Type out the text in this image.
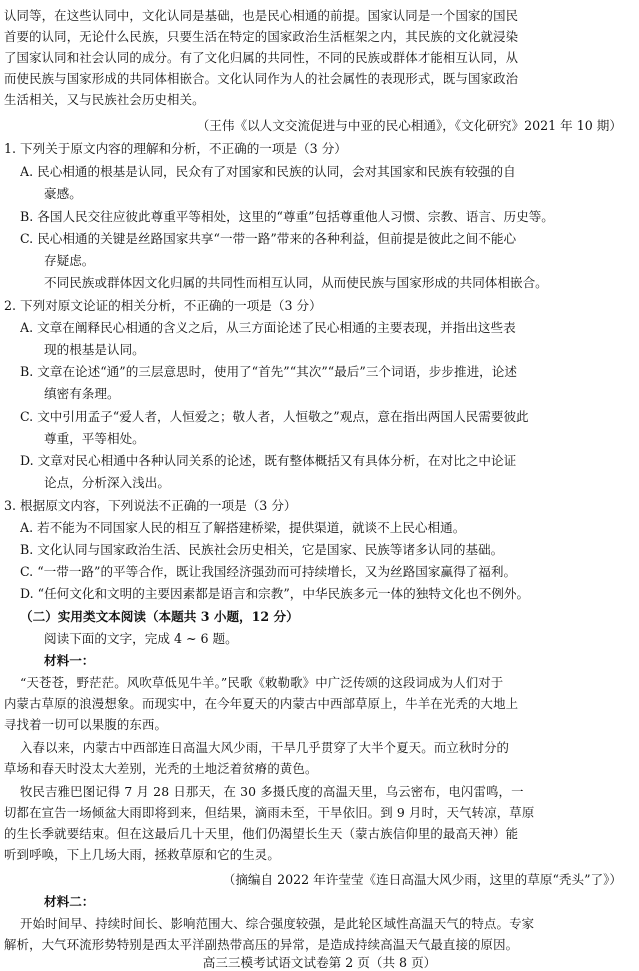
认同等，在这些认同中，文化认同是基础，也是民心相通的前提。国家认同是一个国家的国民
首要的认同，无论什么民族，只要生活在特定的国家政治生活框架之内，其民族的文化就浸染
了国家认同和社会认同的成分。有了文化归属的共同性，不同的民族或群体才能相互认同，从
而使民族与国家形成的共同体相嵌合。文化认同作为人的社会属性的表现形式，既与国家政治
生活相关，又与民族社会历史相关。
（王伟《以人文交流促进与中亚的民心相通》，《文化研究》2021 年 10 期）
1. 下列关于原文内容的理解和分析，不正确的一项是（3 分）
A. 民心相通的根基是认同，民众有了对国家和民族的认同，会对其国家和民族有较强的自
豪感。
B. 各国人民交往应彼此尊重平等相处，这里的“尊重”包括尊重他人习惯、宗教、语言、历史等。
C. 民心相通的关键是丝路国家共享“一带一路”带来的各种利益，但前提是彼此之间不能心
存疑虑。
不同民族或群体因文化归属的共同性而相互认同，从而使民族与国家形成的共同体相嵌合。
2. 下列对原文论证的相关分析，不正确的一项是（3 分）
A. 文章在阐释民心相通的含义之后，从三方面论述了民心相通的主要表现，并指出这些表
现的根基是认同。
B. 文章在论述“通”的三层意思时，使用了“首先”“其次”“最后”三个词语，步步推进，论述
缜密有条理。
C. 文中引用孟子“爱人者，人恒爱之；敬人者，人恒敬之”观点，意在指出两国人民需要彼此
尊重，平等相处。
D. 文章对民心相通中各种认同关系的论述，既有整体概括又有具体分析，在对比之中论证
论点，分析深入浅出。
3. 根据原文内容，下列说法不正确的一项是（3 分）
A. 若不能为不同国家人民的相互了解搭建桥梁，提供渠道，就谈不上民心相通。
B. 文化认同与国家政治生活、民族社会历史相关，它是国家、民族等诸多认同的基础。
C. “一带一路”的平等合作，既让我国经济强劲而可持续增长，又为丝路国家赢得了福利。
D. “任何文化和文明的主要因素都是语言和宗教”，中华民族多元一体的独特文化也不例外。
（二）实用类文本阅读（本题共 3 小题，12 分）
阅读下面的文字，完成 4 ~ 6 题。
材料一：
“天苍苍，野茫茫。风吹草低见牛羊。”民歌《敕勒歌》中广泛传颂的这段词成为人们对于
内蒙古草原的浪漫想象。而现实中，在今年夏天的内蒙古中西部草原上，牛羊在光秃的大地上
寻找着一切可以果腹的东西。
入春以来，内蒙古中西部连日高温大风少雨，干旱几乎贯穿了大半个夏天。而立秋时分的
草场和春天时没太大差别，光秃的土地泛着贫瘠的黄色。
牧民吉雅巴图记得 7 月 28 日那天，在 30 多摄氏度的高温天里，乌云密布，电闪雷鸣，一
切都在宣告一场倾盆大雨即将到来，但结果，滴雨未至，干旱依旧。到 9 月时，天气转凉，草原
的生长季就要结束。但在这最后几十天里，他们仍渴望长生天（蒙古族信仰里的最高天神）能
听到呼唤，下上几场大雨，拯救草原和它的生灵。
（摘编自 2022 年许莹莹《连日高温大风少雨，这里的草原“秃头”了》）
材料二：
开始时间早、持续时间长、影响范围大、综合强度较强，是此轮区域性高温天气的特点。专家
解析，大气环流形势特别是西太平洋副热带高压的异常，是造成持续高温天气最直接的原因。
高三三模考试语文试卷第 2 页（共 8 页）
